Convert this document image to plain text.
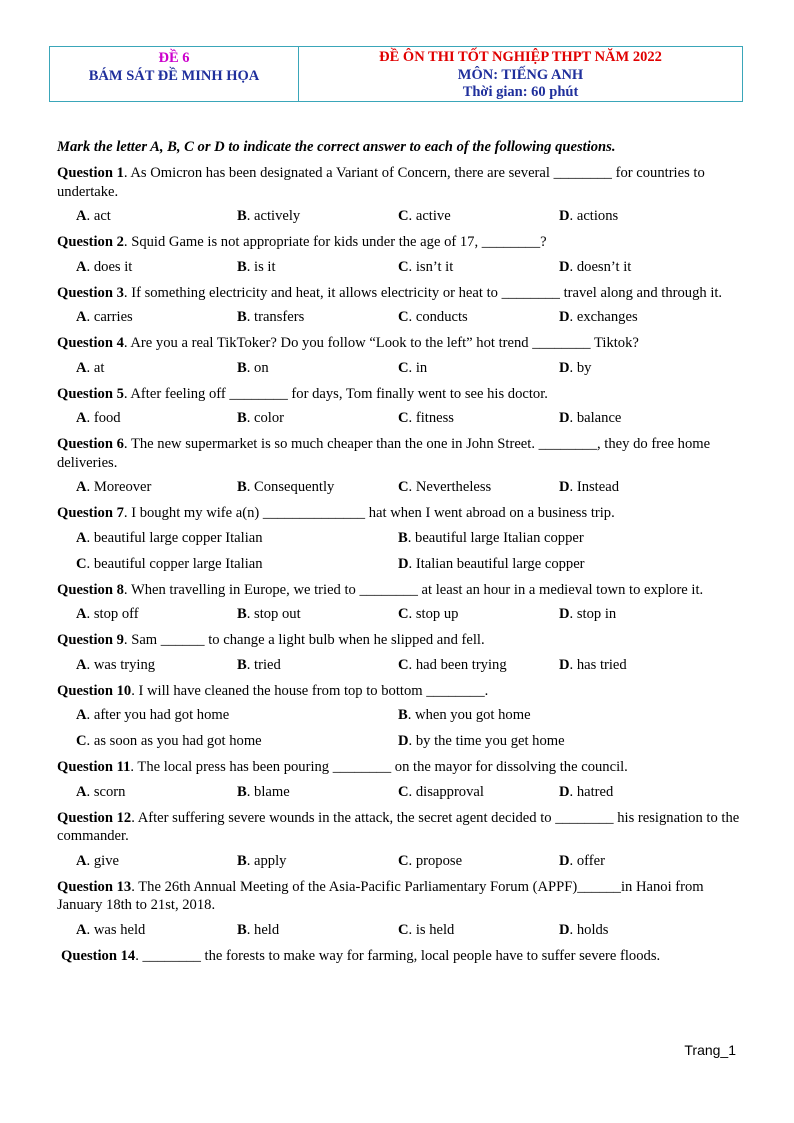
ĐỀ 6
BÁM SÁT ĐỀ MINH HỌA
ĐỀ ÔN THI TỐT NGHIỆP THPT NĂM 2022
MÔN: TIẾNG ANH
Thời gian: 60 phút

Mark the letter A, B, C or D to indicate the correct answer to each of the following questions.

Question 1. As Omicron has been designated a Variant of Concern, there are several ________ for countries to undertake.

A. act	B. actively	C. active	D. actions

Question 2. Squid Game is not appropriate for kids under the age of 17, ________?

A. does it	B. is it	C. isn’t it	D. doesn’t it

Question 3. If something electricity and heat, it allows electricity or heat to ________ travel along and through it.

A. carries	B. transfers	C. conducts	D. exchanges

Question 4. Are you a real TikToker? Do you follow “Look to the left” hot trend ________ Tiktok?

A. at	B. on	C. in	D. by

Question 5. After feeling off ________ for days, Tom finally went to see his doctor.

A. food	B. color	C. fitness	D. balance

Question 6. The new supermarket is so much cheaper than the one in John Street. ________, they do free home deliveries.

A. Moreover	B. Consequently	C. Nevertheless	D. Instead

Question 7. I bought my wife a(n) ______________ hat when I went abroad on a business trip.

A. beautiful large copper Italian	B. beautiful large Italian copper
C. beautiful copper large Italian	D. Italian beautiful large copper

Question 8. When travelling in Europe, we tried to ________ at least an hour in a medieval town to explore it.

A. stop off	B. stop out	C. stop up	D. stop in

Question 9. Sam ______ to change a light bulb when he slipped and fell.

A. was trying	B. tried	C. had been trying	D. has tried

Question 10. I will have cleaned the house from top to bottom ________.

A. after you had got home	B. when you got home
C. as soon as you had got home	D. by the time you get home

Question 11. The local press has been pouring ________ on the mayor for dissolving the council.

A. scorn	B. blame	C. disapproval	D. hatred

Question 12. After suffering severe wounds in the attack, the secret agent decided to ________ his resignation to the commander.

A. give	B. apply	C. propose	D. offer

Question 13. The 26th Annual Meeting of the Asia-Pacific Parliamentary Forum (APPF)______in Hanoi from January 18th to 21st, 2018.

A. was held	B. held	C. is held	D. holds

Question 14. ________ the forests to make way for farming, local people have to suffer severe floods.

Trang_1
